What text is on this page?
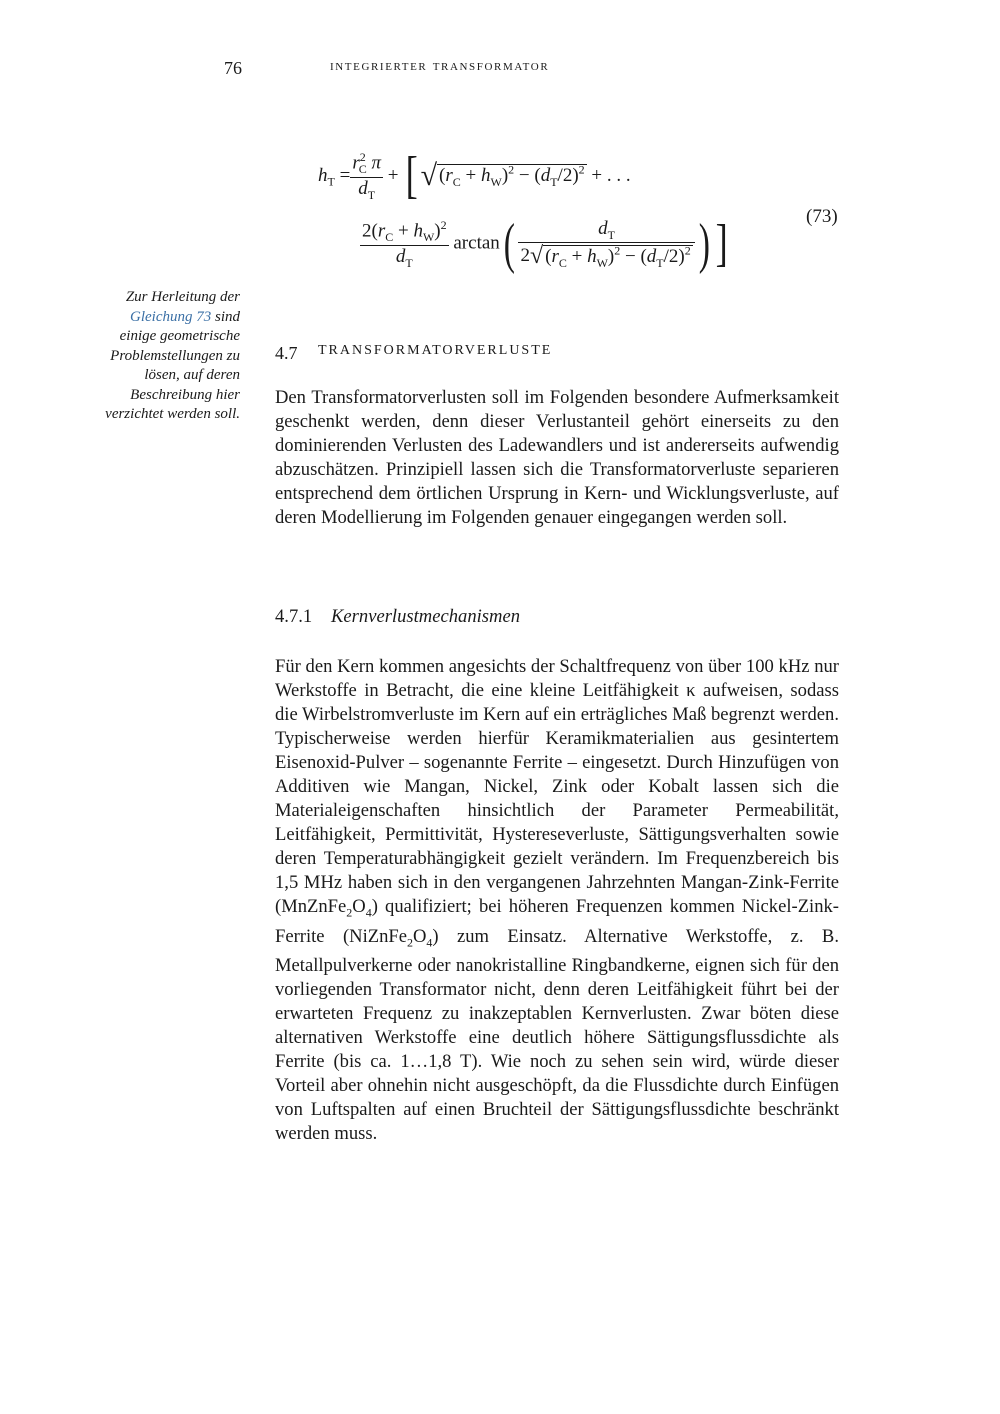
76	integrierter transformator
$h_T = \frac{r^2_C \pi}{d_T}$ + [√ $(r_C + h_W)^2 - (d_T/2)^2$ + . . .
$\frac{2(r_C + h_W)^2}{d_T} \arctan( \frac{d_T}{2√ (r_C + h_W)^2 - (d_T/2)^2}$ ) ]	(73)
Zur Herleitung der Gleichung 73 sind einige geometrische Problemstellungen zu lösen, auf deren Beschreibung hier verzichtet werden soll.
4.7 TRANSFORMATORVERLUSTE
Den Transformatorverlusten soll im Folgenden besondere Aufmerksamkeit geschenkt werden, denn dieser Verlustanteil gehört einerseits zu den dominierenden Verlusten des Ladewandlers und ist andererseits aufwendig abzuschätzen. Prinzipiell lassen sich die Transformatorverluste separieren entsprechend dem örtlichen Ursprung in Kern- und Wicklungsverluste, auf deren Modellierung im Folgenden genauer eingegangen werden soll.
4.7.1 Kernverlustmechanismen
Für den Kern kommen angesichts der Schaltfrequenz von über 100 kHz nur Werkstoffe in Betracht, die eine kleine Leitfähigkeit κ aufweisen, sodass die Wirbelstromverluste im Kern auf ein erträgliches Maß begrenzt werden. Typischerweise werden hierfür Keramikmaterialien aus gesintertem Eisenoxid-Pulver – sogenannte Ferrite – eingesetzt. Durch Hinzufügen von Additiven wie Mangan, Nickel, Zink oder Kobalt lassen sich die Materialeigenschaften hinsichtlich der Parameter Permeabilität, Leitfähigkeit, Permittivität, Hystereseverluste, Sättigungsverhalten sowie deren Temperaturabhängigkeit gezielt verändern. Im Frequenzbereich bis 1,5 MHz haben sich in den vergangenen Jahrzehnten Mangan-Zink-Ferrite $(MnZnFe_2O_4)$ qualifiziert; bei höheren Frequenzen kommen Nickel-Zink-Ferrite $(NiZnFe_2O_4)$ zum Einsatz. Alternative Werkstoffe, z. B. Metallpulverkerne oder nanokristalline Ringbandkerne, eignen sich für den vorliegenden Transformator nicht, denn deren Leitfähigkeit führt bei der erwarteten Frequenz zu inakzeptablen Kernverlusten. Zwar böten diese alternativen Werkstoffe eine deutlich höhere Sättigungsflussdichte als Ferrite (bis ca. 1…1,8 T). Wie noch zu sehen sein wird, würde dieser Vorteil aber ohnehin nicht ausgeschöpft, da die Flussdichte durch Einfügen von Luftspalten auf einen Bruchteil der Sättigungsflussdichte beschränkt werden muss.
